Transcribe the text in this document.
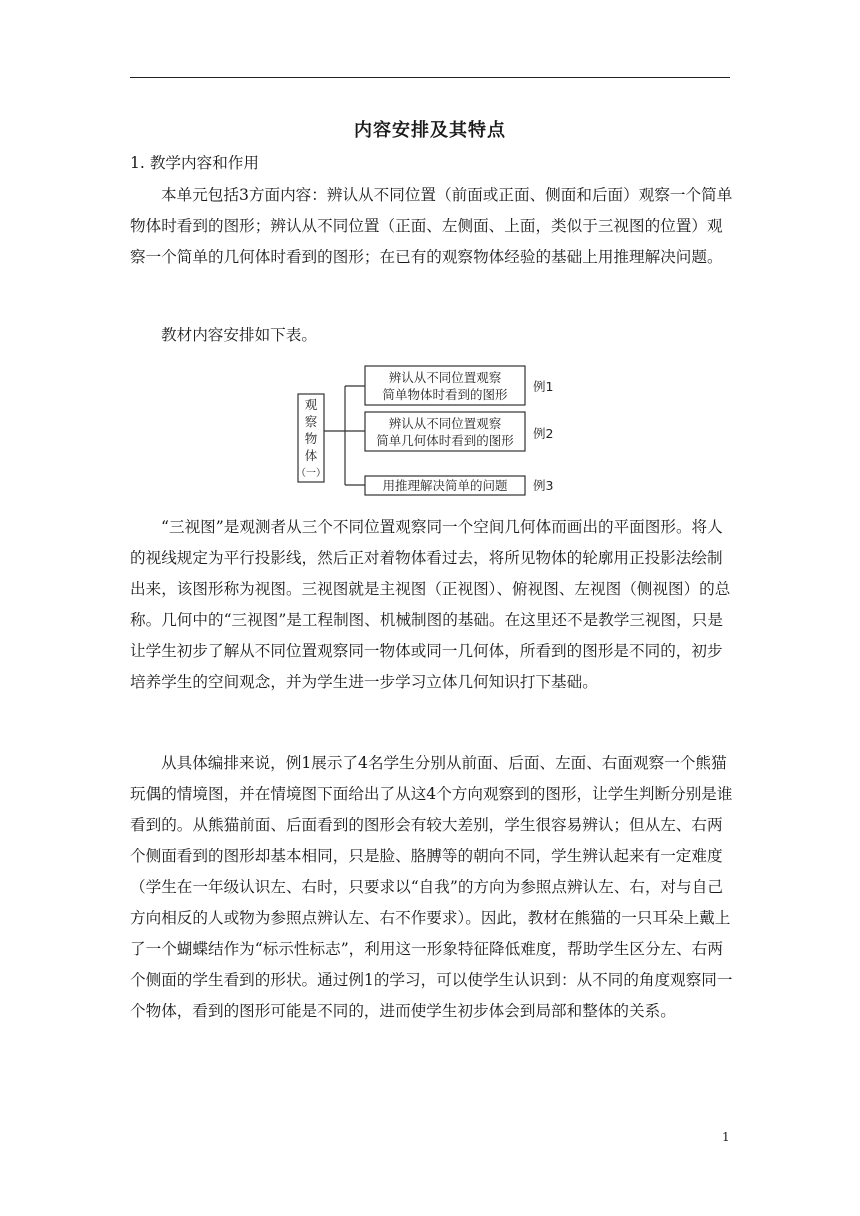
内容安排及其特点
1. 教学内容和作用
本单元包括3方面内容：辨认从不同位置（前面或正面、侧面和后面）观察一个简单物体时看到的图形；辨认从不同位置（正面、左侧面、上面，类似于三视图的位置）观察一个简单的几何体时看到的图形；在已有的观察物体经验的基础上用推理解决问题。
教材内容安排如下表。
观
察
物
体
（一）
辨认从不同位置观察
简单物体时看到的图形
例1
辨认从不同位置观察
简单几何体时看到的图形 例2
用推理解决简单的问题 例3
“三视图”是观测者从三个不同位置观察同一个空间几何体而画出的平面图形。将人的视线规定为平行投影线，然后正对着物体看过去，将所见物体的轮廓用正投影法绘制出来，该图形称为视图。三视图就是主视图（正视图）、俯视图、左视图（侧视图）的总称。几何中的“三视图”是工程制图、机械制图的基础。在这里还不是教学三视图，只是让学生初步了解从不同位置观察同一物体或同一几何体，所看到的图形是不同的，初步培养学生的空间观念，并为学生进一步学习立体几何知识打下基础。
从具体编排来说，例1展示了4名学生分别从前面、后面、左面、右面观察一个熊猫玩偶的情境图，并在情境图下面给出了从这4个方向观察到的图形，让学生判断分别是谁看到的。从熊猫前面、后面看到的图形会有较大差别，学生很容易辨认；但从左、右两个侧面看到的图形却基本相同，只是脸、胳膊等的朝向不同，学生辨认起来有一定难度（学生在一年级认识左、右时，只要求以“自我”的方向为参照点辨认左、右，对与自己方向相反的人或物为参照点辨认左、右不作要求）。因此，教材在熊猫的一只耳朵上戴上了一个蝴蝶结作为“标示性标志”，利用这一形象特征降低难度，帮助学生区分左、右两个侧面的学生看到的形状。通过例1的学习，可以使学生认识到：从不同的角度观察同一个物体，看到的图形可能是不同的，进而使学生初步体会到局部和整体的关系。
1
